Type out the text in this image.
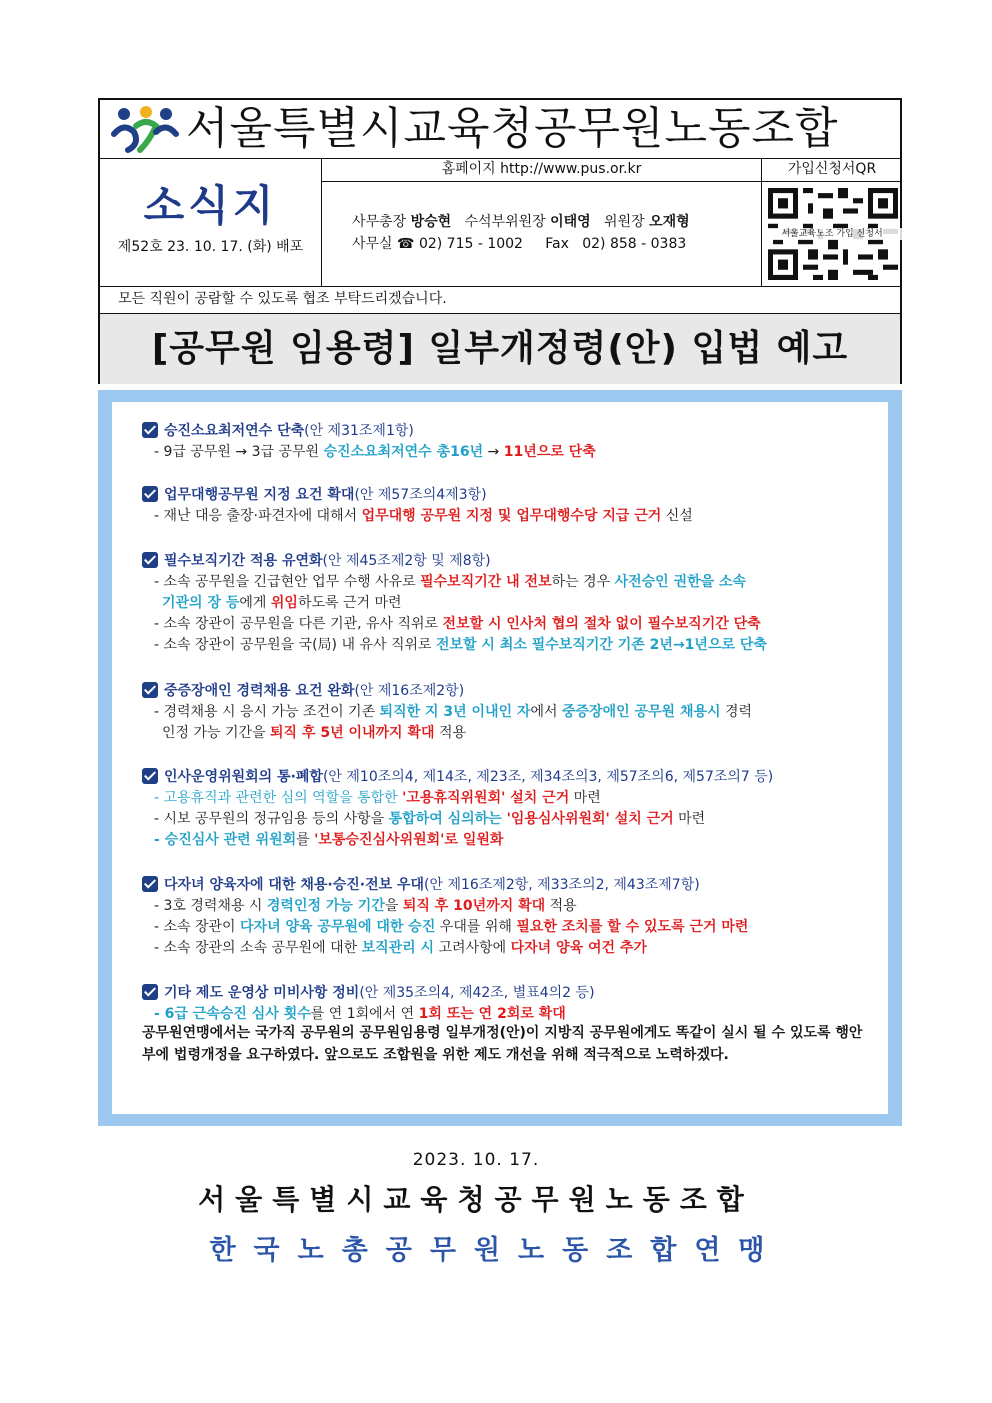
서울특별시교육청공무원노동조합
소식지
제52호 23. 10. 17. (화) 배포
홈페이지 http://www.pus.or.kr
사무총장 방승현 수석부위원장 이태영 위원장 오재형
사무실 ☎ 02) 715 - 1002 Fax 02) 858 - 0383
가입신청서QR
서울교육노조 가입 신청서
모든 직원이 공람할 수 있도록 협조 부탁드리겠습니다.
[공무원 임용령] 일부개정령(안) 입법 예고
승진소요최저연수 단축(안 제31조제1항)
- 9급 공무원 → 3급 공무원 승진소요최저연수 총16년 → 11년으로 단축
업무대행공무원 지정 요건 확대(안 제57조의4제3항)
- 재난 대응 출장·파견자에 대해서 업무대행 공무원 지정 및 업무대행수당 지급 근거 신설
필수보직기간 적용 유연화(안 제45조제2항 및 제8항)
- 소속 공무원을 긴급현안 업무 수행 사유로 필수보직기간 내 전보하는 경우 사전승인 권한을 소속
기관의 장 등에게 위임하도록 근거 마련
- 소속 장관이 공무원을 다른 기관, 유사 직위로 전보할 시 인사처 협의 절차 없이 필수보직기간 단축
- 소속 장관이 공무원을 국(局) 내 유사 직위로 전보할 시 최소 필수보직기간 기존 2년→1년으로 단축
중증장애인 경력채용 요건 완화(안 제16조제2항)
- 경력채용 시 응시 가능 조건이 기존 퇴직한 지 3년 이내인 자에서 중증장애인 공무원 채용시 경력
인정 가능 기간을 퇴직 후 5년 이내까지 확대 적용
인사운영위원회의 통·폐합(안 제10조의4, 제14조, 제23조, 제34조의3, 제57조의6, 제57조의7 등)
- 고용휴직과 관련한 심의 역할을 통합한 '고용휴직위원회' 설치 근거 마련
- 시보 공무원의 정규임용 등의 사항을 통합하여 심의하는 '임용심사위원회' 설치 근거 마련
- 승진심사 관련 위원회를 '보통승진심사위원회'로 일원화
다자녀 양육자에 대한 채용·승진·전보 우대(안 제16조제2항, 제33조의2, 제43조제7항)
- 3호 경력채용 시 경력인정 가능 기간을 퇴직 후 10년까지 확대 적용
- 소속 장관이 다자녀 양육 공무원에 대한 승진 우대를 위해 필요한 조치를 할 수 있도록 근거 마련
- 소속 장관의 소속 공무원에 대한 보직관리 시 고려사항에 다자녀 양육 여건 추가
기타 제도 운영상 미비사항 정비(안 제35조의4, 제42조, 별표4의2 등)
- 6급 근속승진 심사 횟수를 연 1회에서 연 1회 또는 연 2회로 확대
공무원연맹에서는 국가직 공무원의 공무원임용령 일부개정(안)이 지방직 공무원에게도 똑같이 실시 될 수 있도록 행안부에 법령개정을 요구하였다. 앞으로도 조합원을 위한 제도 개선을 위해 적극적으로 노력하겠다.
2023. 10. 17.
서울특별시교육청공무원노동조합
한국노총공무원노동조합연맹
